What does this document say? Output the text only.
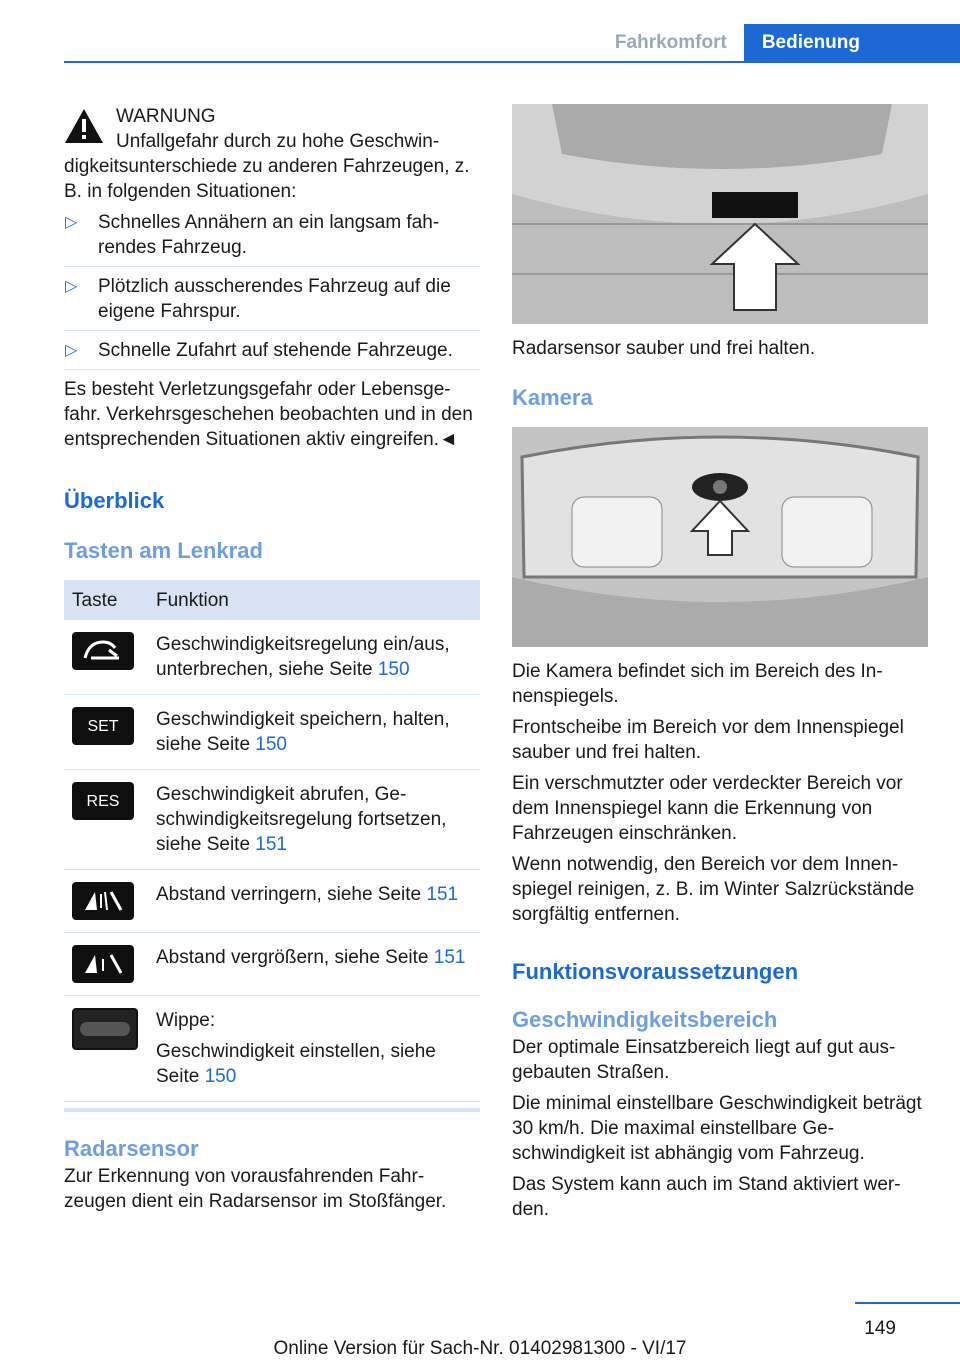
Fahrkomfort	Bedienung

WARNUNG

Unfallgefahr durch zu hohe Geschwin-

digkeitsunterschiede zu anderen Fahrzeugen, z. B. in folgenden Situationen:

▷ Schnelles Annähern an ein langsam fahrendes Fahrzeug.
▷ Plötzlich ausscherendes Fahrzeug auf die eigene Fahrspur.
▷ Schnelle Zufahrt auf stehende Fahrzeuge.

Es besteht Verletzungsgefahr oder Lebensgefahr. Verkehrsgeschehen beobachten und in den entsprechenden Situationen aktiv eingreifen.◄

Überblick
Tasten am Lenkrad
Taste	Funktion

	Geschwindigkeitsregelung ein/aus, unterbrechen, siehe Seite 150

SET	Geschwindigkeit speichern, halten, siehe Seite 150

RES	Geschwindigkeit abrufen, Geschwindigkeitsregelung fortsetzen, siehe Seite 151

	Abstand verringern, siehe Seite 151

	Abstand vergrößern, siehe Seite 151

	Wippe:

Geschwindigkeit einstellen, siehe Seite 150
Radarsensor

Zur Erkennung von vorausfahrenden Fahrzeugen dient ein Radarsensor im Stoßfänger.

Radarsensor sauber und frei halten.

Kamera

Die Kamera befindet sich im Bereich des Innenspiegels.

Frontscheibe im Bereich vor dem Innenspiegel sauber und frei halten.

Ein verschmutzter oder verdeckter Bereich vor dem Innenspiegel kann die Erkennung von Fahrzeugen einschränken.

Wenn notwendig, den Bereich vor dem Innenspiegel reinigen, z. B. im Winter Salzrückstände sorgfältig entfernen.

Funktionsvoraussetzungen
Geschwindigkeitsbereich

Der optimale Einsatzbereich liegt auf gut ausgebauten Straßen.

Die minimal einstellbare Geschwindigkeit beträgt 30 km/h. Die maximal einstellbare Geschwindigkeit ist abhängig vom Fahrzeug.

Das System kann auch im Stand aktiviert werden.

149
Online Version für Sach-Nr. 01402981300 - VI/17
